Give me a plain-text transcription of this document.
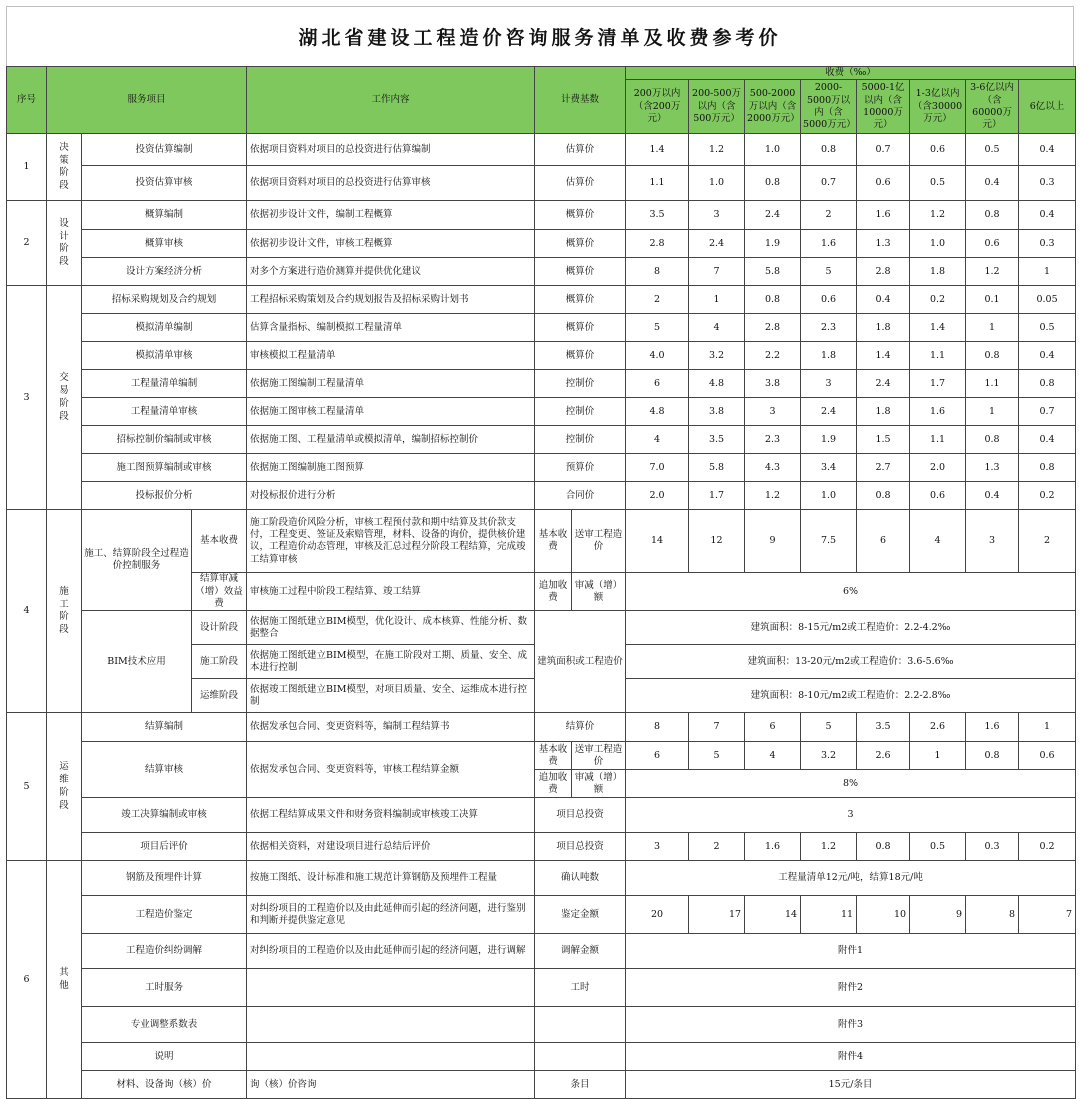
湖北省建设工程造价咨询服务清单及收费参考价
序号	服务项目			工作内容	计费基数		收费（‰）							
							200万以内（含200万元）	200-500万以内（含500万元）	500-2000万以内（含2000万元）	2000-5000万以内（含5000万元）	5000-1亿以内（含10000万元）	1-3亿以内（含30000万元）	3-6亿以内（含60000万元）	6亿以上
1	决策阶段	投资估算编制		依据项目资料对项目的总投资进行估算编制	估算价		1.4	1.2	1.0	0.8	0.7	0.6	0.5	0.4
		投资估算审核		依据项目资料对项目的总投资进行估算审核	估算价		1.1	1.0	0.8	0.7	0.6	0.5	0.4	0.3
2	设计阶段	概算编制		依据初步设计文件，编制工程概算	概算价		3.5	3	2.4	2	1.6	1.2	0.8	0.4
		概算审核		依据初步设计文件，审核工程概算	概算价		2.8	2.4	1.9	1.6	1.3	1.0	0.6	0.3
		设计方案经济分析		对多个方案进行造价测算并提供优化建议	概算价		8	7	5.8	5	2.8	1.8	1.2	1
3	交易阶段	招标采购规划及合约规划		工程招标采购策划及合约规划报告及招标采购计划书	概算价		2	1	0.8	0.6	0.4	0.2	0.1	0.05
		模拟清单编制		估算含量指标、编制模拟工程量清单	概算价		5	4	2.8	2.3	1.8	1.4	1	0.5
		模拟清单审核		审核模拟工程量清单	概算价		4.0	3.2	2.2	1.8	1.4	1.1	0.8	0.4
		工程量清单编制		依据施工图编制工程量清单	控制价		6	4.8	3.8	3	2.4	1.7	1.1	0.8
		工程量清单审核		依据施工图审核工程量清单	控制价		4.8	3.8	3	2.4	1.8	1.6	1	0.7
		招标控制价编制或审核		依据施工图、工程量清单或模拟清单，编制招标控制价	控制价		4	3.5	2.3	1.9	1.5	1.1	0.8	0.4
		施工图预算编制或审核		依据施工图编制施工图预算	预算价		7.0	5.8	4.3	3.4	2.7	2.0	1.3	0.8
		投标报价分析		对投标报价进行分析	合同价		2.0	1.7	1.2	1.0	0.8	0.6	0.4	0.2
4	施工阶段	施工、结算阶段全过程造价控制服务	基本收费	施工阶段造价风险分析，审核工程预付款和期中结算及其价款支付，工程变更、签证及索赔管理，材料、设备的询价，提供核价建议，工程造价动态管理，审核及汇总过程分阶段工程结算，完成竣工结算审核	基本收费	送审工程造价	14	12	9	7.5	6	4	3	2
			结算审减（增）效益费	审核施工过程中阶段工程结算、竣工结算	追加收费	审减（增）额	6%							
		BIM技术应用	设计阶段	依据施工图纸建立BIM模型，优化设计、成本核算、性能分析、数据整合	建筑面积或工程造价		建筑面积：8-15元/m2或工程造价：2.2-4.2‰							
			施工阶段	依据施工图纸建立BIM模型，在施工阶段对工期、质量、安全、成本进行控制			建筑面积：13-20元/m2或工程造价：3.6-5.6‰							
			运维阶段	依据竣工图纸建立BIM模型，对项目质量、安全、运维成本进行控制			建筑面积：8-10元/m2或工程造价：2.2-2.8‰							
5	运维阶段	结算编制		依据发承包合同、变更资料等，编制工程结算书	结算价		8	7	6	5	3.5	2.6	1.6	1
		结算审核		依据发承包合同、变更资料等，审核工程结算金额	基本收费	送审工程造价	6	5	4	3.2	2.6	1	0.8	0.6
					追加收费	审减（增）额	8%							
		竣工决算编制或审核		依据工程结算成果文件和财务资料编制或审核竣工决算	项目总投资		3							
		项目后评价		依据相关资料，对建设项目进行总结后评价	项目总投资		3	2	1.6	1.2	0.8	0.5	0.3	0.2
6	其他	钢筋及预埋件计算		按施工图纸、设计标准和施工规范计算钢筋及预埋件工程量	确认吨数		工程量清单12元/吨，结算18元/吨							
		工程造价鉴定		对纠纷项目的工程造价以及由此延伸而引起的经济问题，进行鉴别和判断并提供鉴定意见	鉴定金额		20	17	14	11	10	9	8	7
		工程造价纠纷调解		对纠纷项目的工程造价以及由此延伸而引起的经济问题，进行调解	调解金额		附件1							
		工时服务			工时		附件2							
		专业调整系数表					附件3							
		说明					附件4							
		材料、设备询（核）价		询（核）价咨询	条目		15元/条目							
